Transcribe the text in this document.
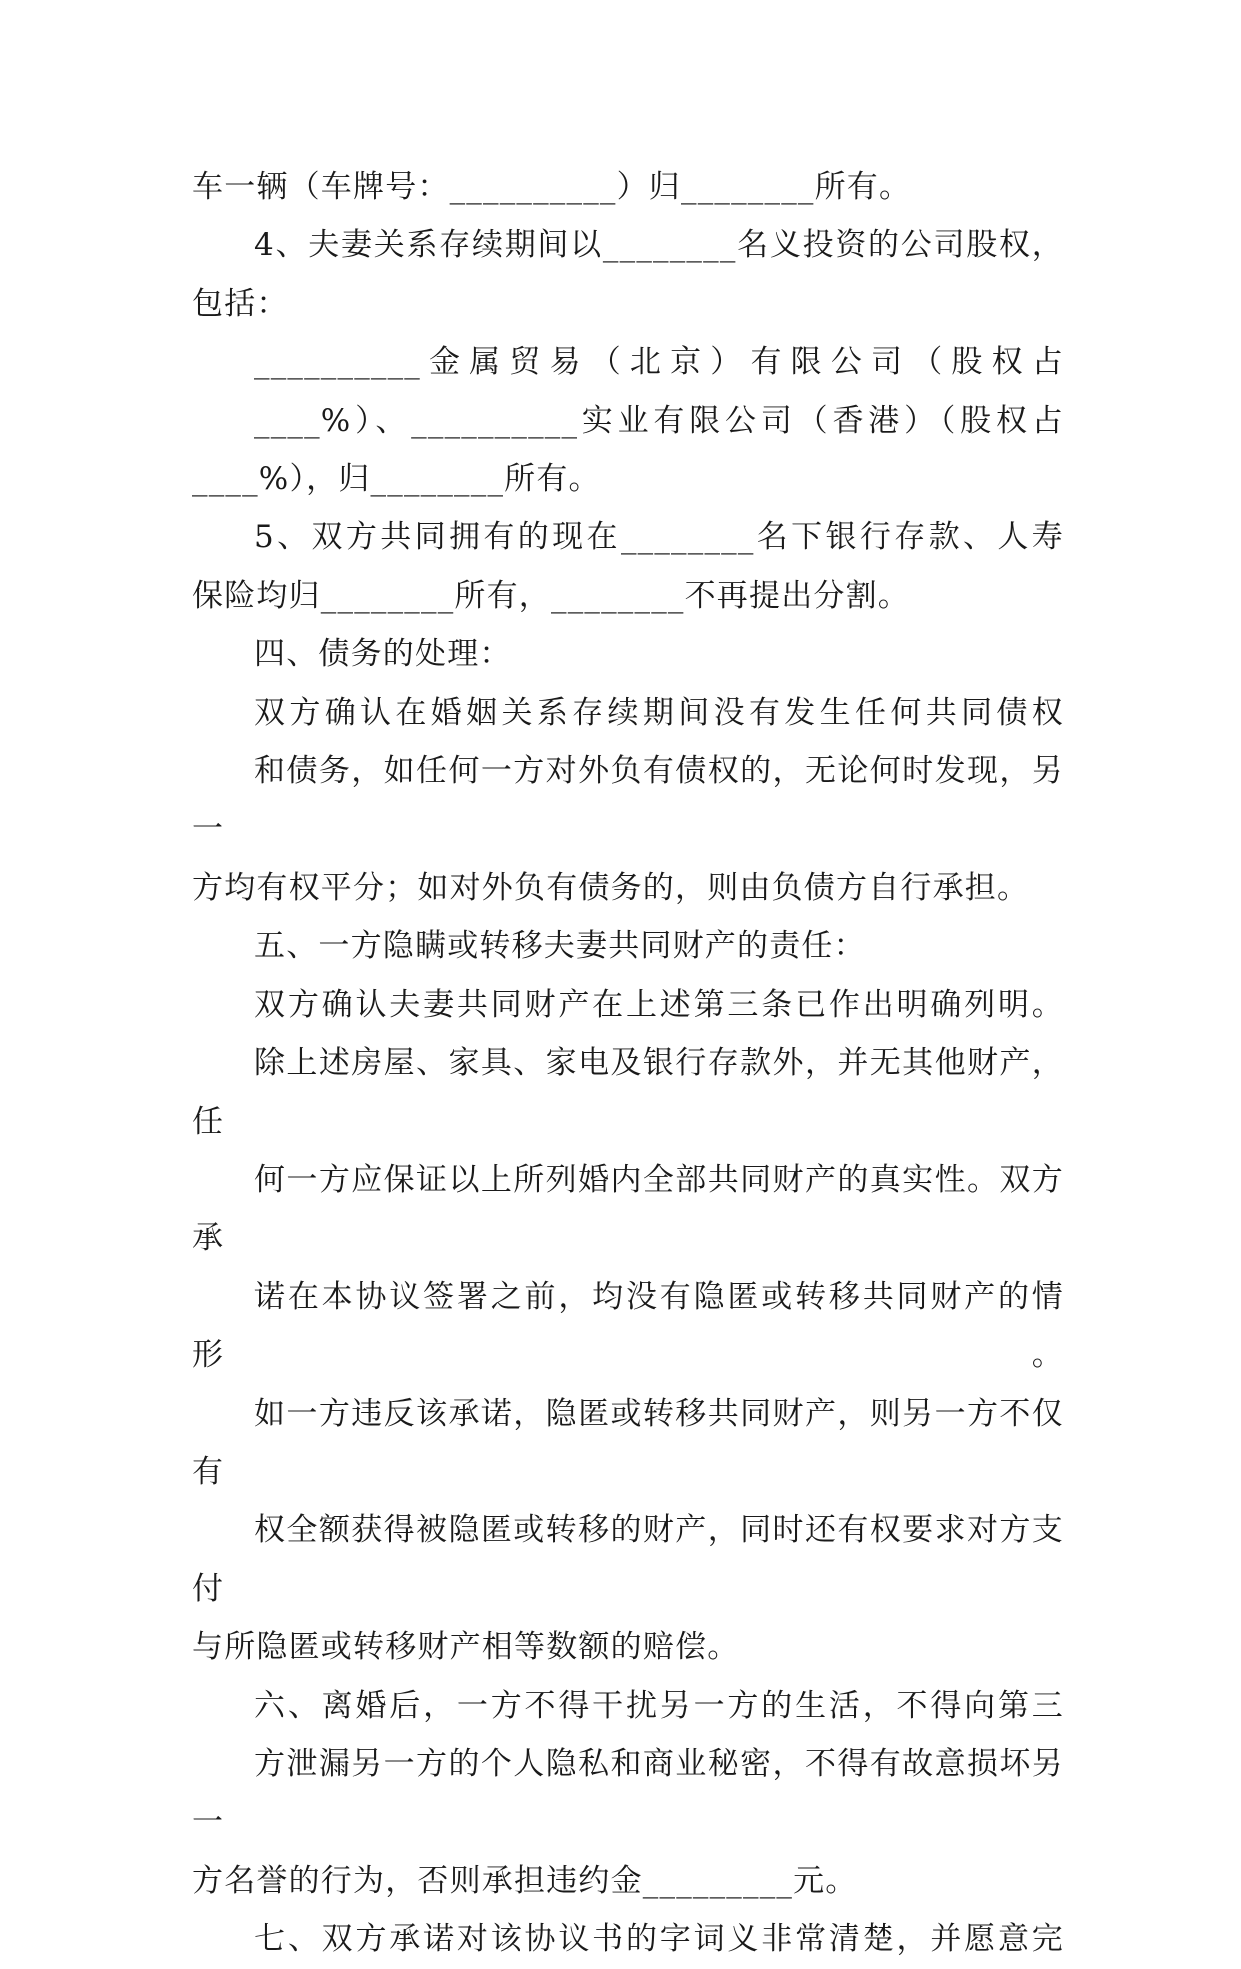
车一辆（车牌号：__________）归________所有。

4、夫妻关系存续期间以________名义投资的公司股权，
包括：

__________金属贸易（北京）有限公司（股权占
____%）、__________实业有限公司（香港）（股权占
____%），归________所有。

5、双方共同拥有的现在________名下银行存款、人寿
保险均归________所有，________不再提出分割。

四、债务的处理：

双方确认在婚姻关系存续期间没有发生任何共同债权
和债务，如任何一方对外负有债权的，无论何时发现，另一
方均有权平分；如对外负有债务的，则由负债方自行承担。

五、一方隐瞒或转移夫妻共同财产的责任：

双方确认夫妻共同财产在上述第三条已作出明确列明。
除上述房屋、家具、家电及银行存款外，并无其他财产，任
何一方应保证以上所列婚内全部共同财产的真实性。双方承
诺在本协议签署之前，均没有隐匿或转移共同财产的情形。
如一方违反该承诺，隐匿或转移共同财产，则另一方不仅有
权全额获得被隐匿或转移的财产，同时还有权要求对方支付
与所隐匿或转移财产相等数额的赔偿。

六、离婚后，一方不得干扰另一方的生活，不得向第三
方泄漏另一方的个人隐私和商业秘密，不得有故意损坏另一
方名誉的行为，否则承担违约金_________元。

七、双方承诺对该协议书的字词义非常清楚，并愿意完
